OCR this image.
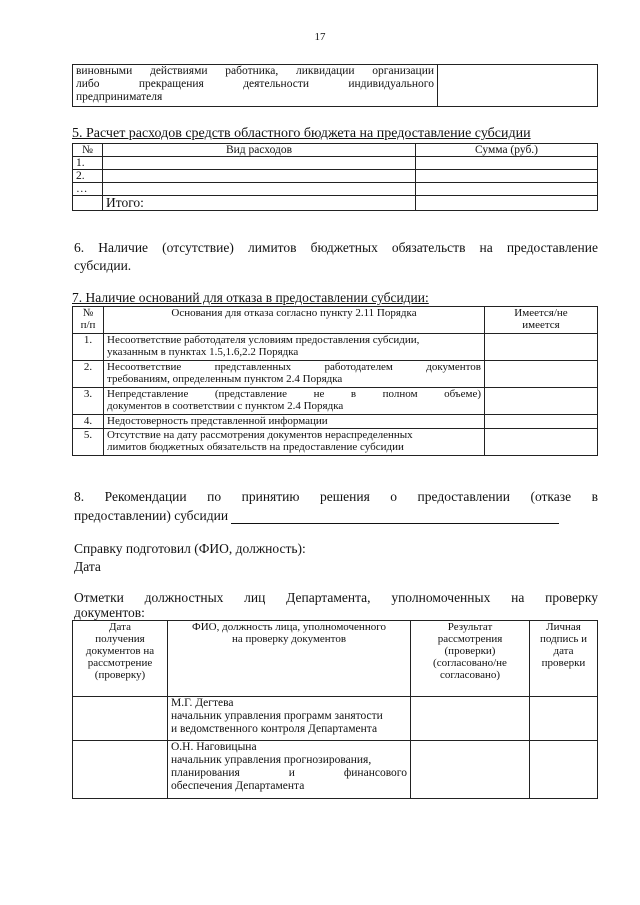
17
виновными действиями работника, ликвидации организации
либо прекращения деятельности индивидуального
предпринимателя

5. Расчет расходов средств областного бюджета на предоставление субсидии
№	Вид расходов	Сумма (руб.)
1.		
2.		
…		
	Итого:	
6. Наличие (отсутствие) лимитов бюджетных обязательств на предоставление
субсидии.
7. Наличие оснований для отказа в предоставлении субсидии:
№
п/п	Основания для отказа согласно пункту 2.11 Порядка	Имеется/не
имеется

1.	Несоответствие работодателя условиям предоставления субсидии,
указанным в пунктах 1.5,1.6,2.2 Порядка	

2.	Несоответствие представленных работодателем документов
требованиям, определенным пунктом 2.4 Порядка	

3.	Непредставление (представление не в полном объеме)
документов в соответствии с пунктом 2.4 Порядка	

4.	Недостоверность представленной информации	
5.	Отсутствие на дату рассмотрения документов нераспределенных
лимитов бюджетных обязательств на предоставление субсидии	

8. Рекомендации по принятию решения о предоставлении (отказе в
предоставлении) субсидии
Справку подготовил (ФИО, должность):
Дата
Отметки должностных лиц Департамента, уполномоченных на проверку
документов:
Дата
получения
документов на
рассмотрение
(проверку)	ФИО, должность лица, уполномоченного
на проверку документов	Результат
рассмотрения
(проверки)
(согласовано/не
согласовано)	Личная
подпись и
дата
проверки

	М.Г. Дегтева
начальник управления программ занятости
и ведомственного контроля Департамента		

	О.Н. Наговицына
начальник управления прогнозирования,
планирования и финансового
обеспечения Департамента		
